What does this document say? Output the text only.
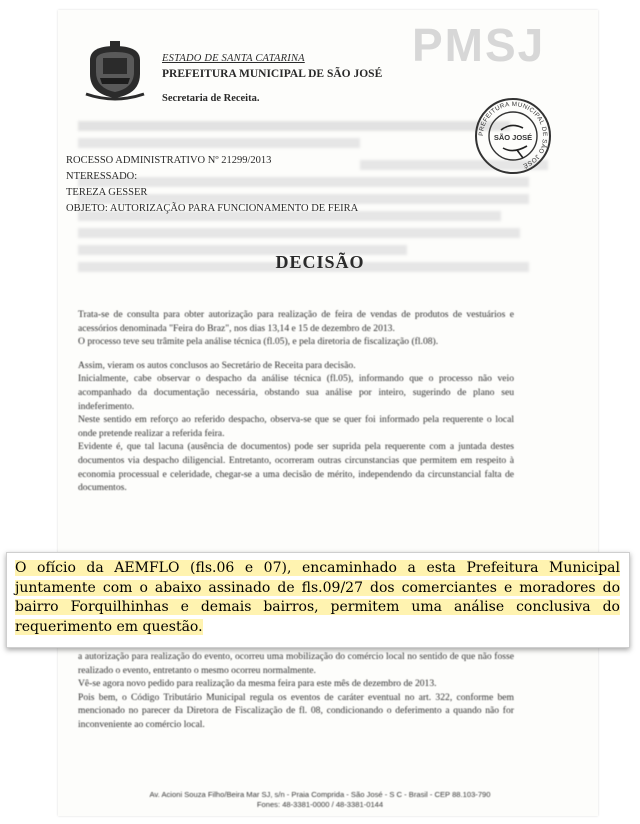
PMSJ
ESTADO DE SANTA CATARINA
PREFEITURA MUNICIPAL DE SÃO JOSÉ
Secretaria de Receita.
PREFEITURA MUNICIPAL DE SÃO JOSÉ
SÃO JOSÉ
ROCESSO ADMINISTRATIVO Nº 21299/2013
NTERESSADO:
TEREZA GESSER
OBJETO: AUTORIZAÇÃO PARA FUNCIONAMENTO DE FEIRA
DECISÃO

Trata-se de consulta para obter autorização para realização de feira de vendas de produtos de vestuários e acessórios denominada "Feira do Braz", nos dias 13,14 e 15 de dezembro de 2013.

O processo teve seu trâmite pela análise técnica (fl.05), e pela diretoria de fiscalização (fl.08).

Assim, vieram os autos conclusos ao Secretário de Receita para decisão.

Inicialmente, cabe observar o despacho da análise técnica (fl.05), informando que o processo não veio acompanhado da documentação necessária, obstando sua análise por inteiro, sugerindo de plano seu indeferimento.

Neste sentido em reforço ao referido despacho, observa-se que se quer foi informado pela requerente o local onde pretende realizar a referida feira.

Evidente é, que tal lacuna (ausência de documentos) pode ser suprida pela requerente com a juntada destes documentos via despacho diligencial. Entretanto, ocorreram outras circunstancias que permitem em respeito à economia processual e celeridade, chegar-se a uma decisão de mérito, independendo da circunstancial falta de documentos.

O ofício da AEMFLO (fls.06 e 07), encaminhado a esta Prefeitura Municipal juntamente com o abaixo assinado de fls.09/27 dos comerciantes e moradores do bairro Forquilhinhas e demais bairros, permitem uma análise conclusiva do requerimento em questão.

a autorização para realização do evento, ocorreu uma mobilização do comércio local no sentido de que não fosse realizado o evento, entretanto o mesmo ocorreu normalmente.

Vê-se agora novo pedido para realização da mesma feira para este mês de dezembro de 2013.

Pois bem, o Código Tributário Municipal regula os eventos de caráter eventual no art. 322, conforme bem mencionado no parecer da Diretora de Fiscalização de fl. 08, condicionando o deferimento a quando não for inconveniente ao comércio local.

Av. Acioni Souza Filho/Beira Mar SJ, s/n - Praia Comprida - São José - S C - Brasil - CEP 88.103-790
Fones: 48-3381-0000 / 48-3381-0144
